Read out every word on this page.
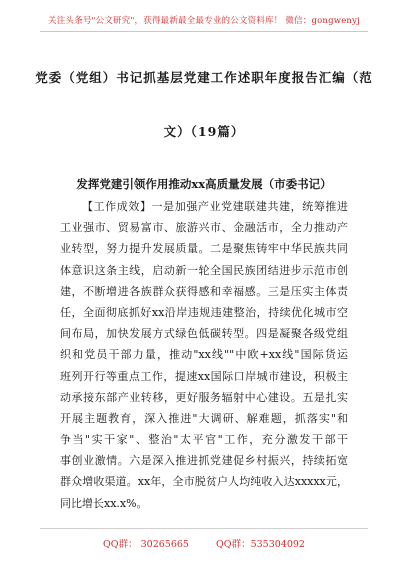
关注头条号"公文研究"，获得最新最全最专业的公文资料库！ 微信：gongwenyj
党委（党组）书记抓基层党建工作述职年度报告汇编（范
文）（19篇）
发挥党建引领作用推动xx高质量发展（市委书记）
【工作成效】一是加强产业党建联建共建，统筹推进
工业强市、贸易富市、旅游兴市、金融活市，全力推动产
业转型，努力提升发展质量。二是聚焦铸牢中华民族共同
体意识这条主线，启动新一轮全国民族团结进步示范市创
建，不断增进各族群众获得感和幸福感。三是压实主体责
任，全面彻底抓好xx沿岸违规违建整治，持续优化城市空
间布局，加快发展方式绿色低碳转型。四是凝聚各级党组
织和党员干部力量，推动"xx线""中欧+xx线"国际货运
班列开行等重点工作，提速xx国际口岸城市建设，积极主
动承接东部产业转移，更好服务辐射中心建设。五是扎实
开展主题教育，深入推进"大调研、解难题，抓落实"和
争当"实干家"、整治"太平官"工作，充分激发干部干
事创业激情。六是深入推进抓党建促乡村振兴，持续拓宽
群众增收渠道。xx年，全市脱贫户人均纯收入达xxxxx元，
同比增长xx.x%。
QQ群： 30265665	QQ群：535304092
